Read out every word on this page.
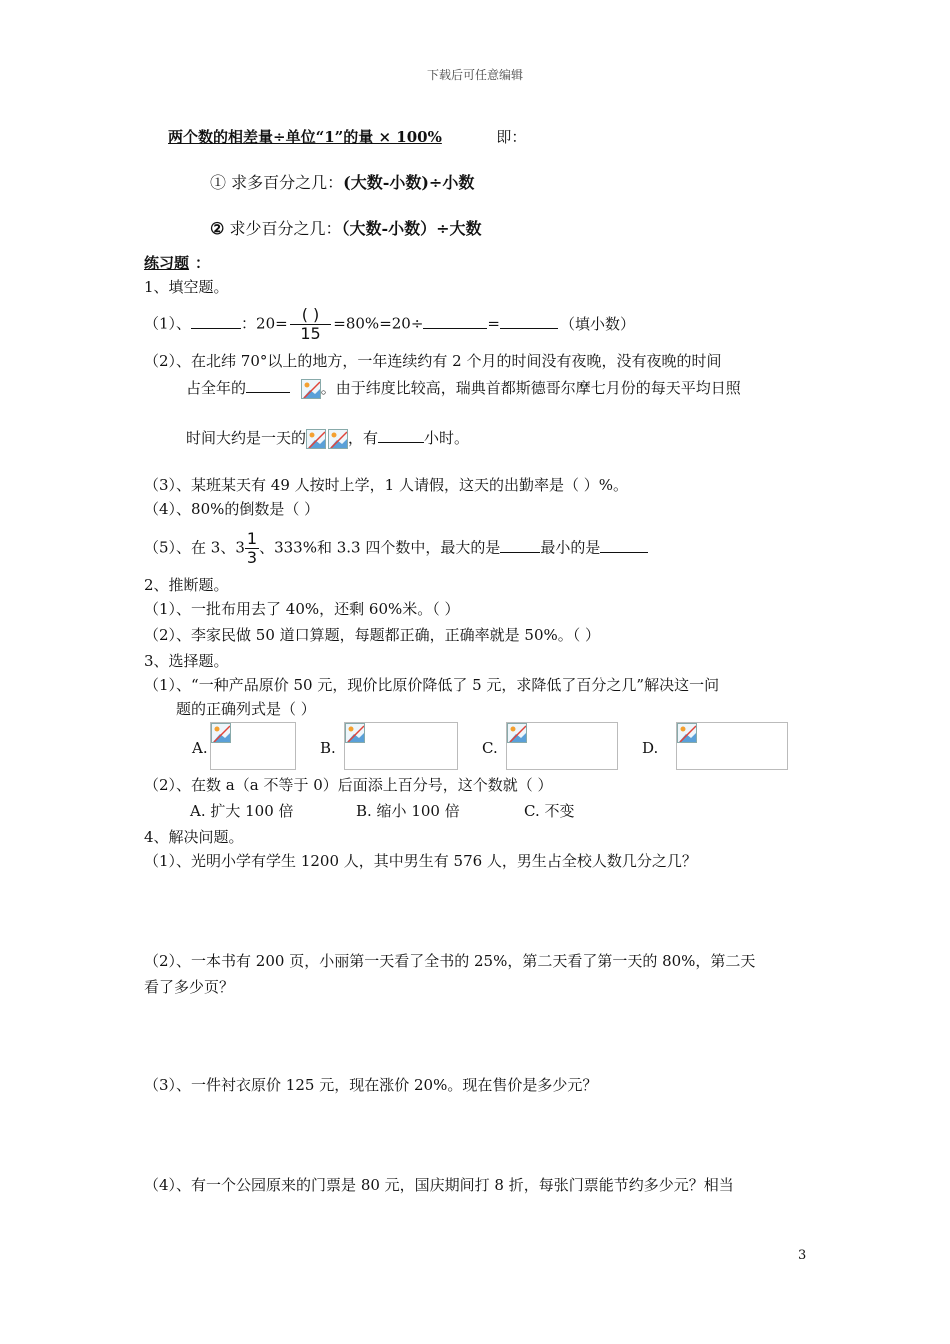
下载后可任意编辑
两个数的相差量÷单位“1”的量 × 100%	即：
① 求多百分之几：(大数-小数)÷小数
② 求少百分之几：（大数-小数）÷大数
练习题 ：
1、填空题。
（1）、	：$20= \frac{( )}{15} =80\%=20\div$	=	（填小数）
（2）、在北纬 70°以上的地方，一年连续约有 2 个月的时间没有夜晚，没有夜晚的时间
占全年的	。由于纬度比较高，瑞典首都斯德哥尔摩七月份的每天平均日照
时间大约是一天的	，有	小时。
（3）、某班某天有 49 人按时上学，1 人请假，这天的出勤率是（ ）%。
（4）、80%的倒数是（ ）
（5）、在 3、$3 \frac{1}{3}$ 、333%和 3.3 四个数中，最大的是	最小的是
2、推断题。
（1）、一批布用去了 40%，还剩 60%米。（ ）
（2）、李家民做 50 道口算题，每题都正确，正确率就是 50%。（ ）
3、选择题。
（1）、“一种产品原价 50 元，现价比原价降低了 5 元，求降低了百分之几”解决这一问
题的正确列式是（ ）
A.	B.	C.	D.
（2）、在数 a（a 不等于 0）后面添上百分号，这个数就（ ）
A. 扩大 100 倍	B. 缩小 100 倍	C. 不变
4、解决问题。
（1）、光明小学有学生 1200 人，其中男生有 576 人，男生占全校人数几分之几？
（2）、一本书有 200 页，小丽第一天看了全书的 25%，第二天看了第一天的 80%，第二天
看了多少页？
（3）、一件衬衣原价 125 元，现在涨价 20%。现在售价是多少元？
（4）、有一个公园原来的门票是 80 元，国庆期间打 8 折，每张门票能节约多少元？相当
3
